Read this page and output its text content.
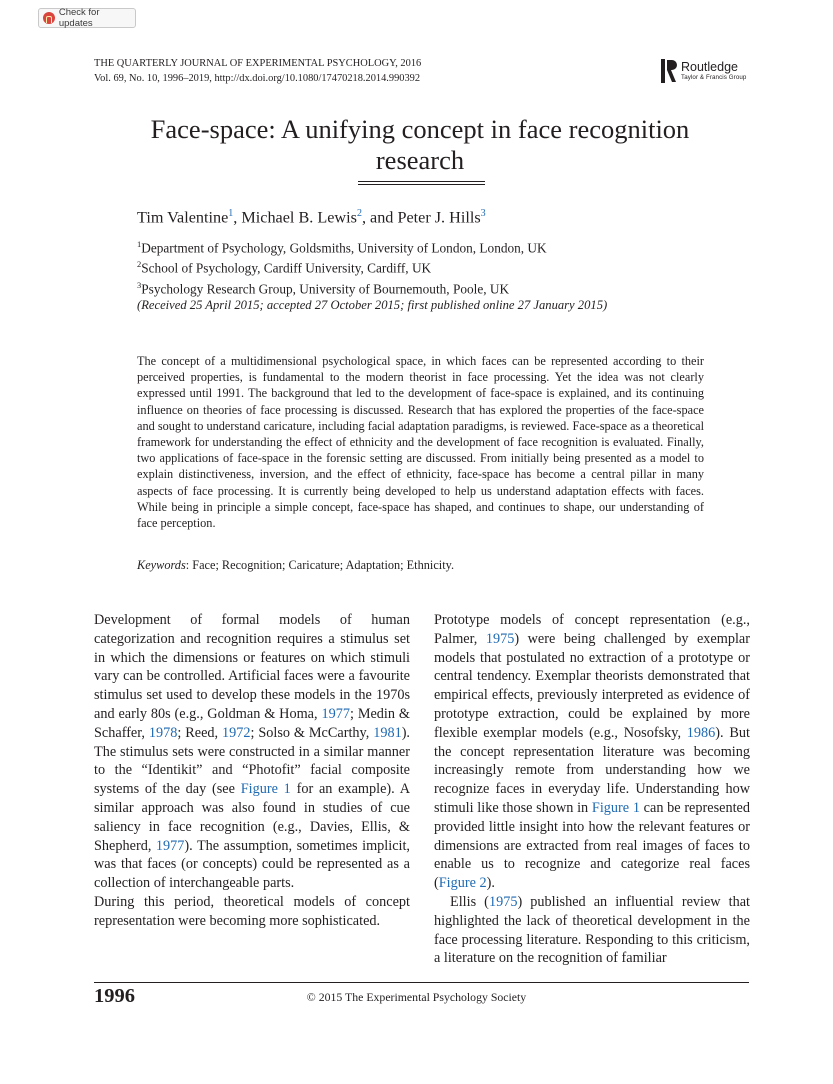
Check for updates
THE QUARTERLY JOURNAL OF EXPERIMENTAL PSYCHOLOGY, 2016
Vol. 69, No. 10, 1996–2019, http://dx.doi.org/10.1080/17470218.2014.990392
Routledge
Taylor & Francis Group
Face-space: A unifying concept in face recognition
research
Tim Valentine$^1$, Michael B. Lewis$^2$, and Peter J. Hills$^3$
$^1$Department of Psychology, Goldsmiths, University of London, London, UK
$^2$School of Psychology, Cardiff University, Cardiff, UK
$^3$Psychology Research Group, University of Bournemouth, Poole, UK
(Received 25 April 2015; accepted 27 October 2015; first published online 27 January 2015)

The concept of a multidimensional psychological space, in which faces can be represented according to their perceived properties, is fundamental to the modern theorist in face processing. Yet the idea was not clearly expressed until 1991. The background that led to the development of face-space is explained, and its continuing influence on theories of face processing is discussed. Research that has explored the properties of the face-space and sought to understand caricature, including facial adaptation paradigms, is reviewed. Face-space as a theoretical framework for understanding the effect of ethnicity and the development of face recognition is evaluated. Finally, two applications of face-space in the forensic setting are discussed. From initially being presented as a model to explain distinctiveness, inversion, and the effect of ethnicity, face-space has become a central pillar in many aspects of face processing. It is currently being developed to help us understand adaptation effects with faces. While being in principle a simple concept, face-space has shaped, and continues to shape, our understanding of face perception.

Keywords: Face; Recognition; Caricature; Adaptation; Ethnicity.

Development of formal models of human categorization and recognition requires a stimulus set in which the dimensions or features on which stimuli vary can be controlled. Artificial faces were a favourite stimulus set used to develop these models in the 1970s and early 80s (e.g., Goldman & Homa, 1977; Medin & Schaffer, 1978; Reed, 1972; Solso & McCarthy, 1981). The stimulus sets were constructed in a similar manner to the “Identikit” and “Photofit” facial composite systems of the day (see Figure 1 for an example). A similar approach was also found in studies of cue saliency in face recognition (e.g., Davies, Ellis, & Shepherd, 1977). The assumption, sometimes implicit, was that faces (or concepts) could be represented as a collection of interchangeable parts.

During this period, theoretical models of concept representation were becoming more sophisticated.

Prototype models of concept representation (e.g., Palmer, 1975) were being challenged by exemplar models that postulated no extraction of a prototype or central tendency. Exemplar theorists demonstrated that empirical effects, previously interpreted as evidence of prototype extraction, could be explained by more flexible exemplar models (e.g., Nosofsky, 1986). But the concept representation literature was becoming increasingly remote from understanding how we recognize faces in everyday life. Understanding how stimuli like those shown in Figure 1 can be represented provided little insight into how the relevant features or dimensions are extracted from real images of faces to enable us to recognize and categorize real faces (Figure 2).

Ellis (1975) published an influential review that highlighted the lack of theoretical development in the face processing literature. Responding to this criticism, a literature on the recognition of familiar

1996	© 2015 The Experimental Psychology Society
